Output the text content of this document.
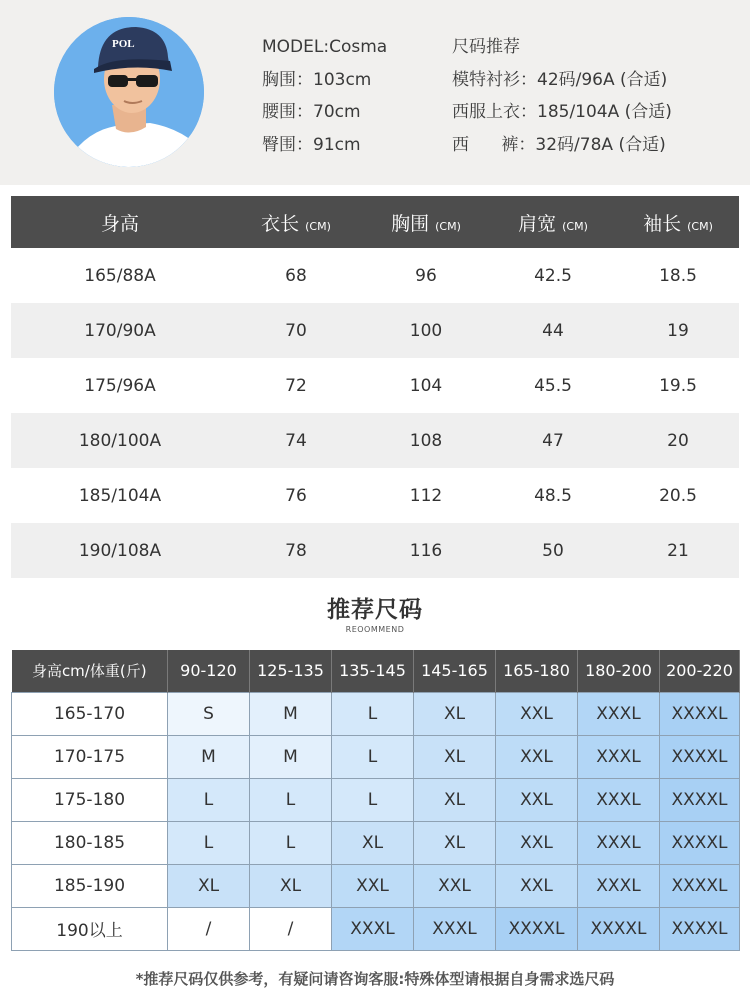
POL	MODEL:Cosma
胸围：103cm
腰围：70cm
臀围：91cm
尺码推荐
模特衬衫：42码/96A (合适)
西服上衣：185/104A (合适)
西      裤：32码/78A (合适)
身高	衣长 (CM)	胸围 (CM)	肩宽 (CM)	袖长 (CM)
165/88A	68	96	42.5	18.5
170/90A	70	100	44	19
175/96A	72	104	45.5	19.5
180/100A	74	108	47	20
185/104A	76	112	48.5	20.5
190/108A	78	116	50	21
推荐尺码
REOOMMEND
身高cm/体重(斤)	90-120	125-135	135-145	145-165	165-180	180-200	200-220
165-170	S	M	L	XL	XXL	XXXL	XXXXL
170-175	M	M	L	XL	XXL	XXXL	XXXXL
175-180	L	L	L	XL	XXL	XXXL	XXXXL
180-185	L	L	XL	XL	XXL	XXXL	XXXXL
185-190	XL	XL	XXL	XXL	XXL	XXXL	XXXXL
190以上	/	/	XXXL	XXXL	XXXXL	XXXXL	XXXXL
*推荐尺码仅供参考，有疑问请咨询客服:特殊体型请根据自身需求选尺码
